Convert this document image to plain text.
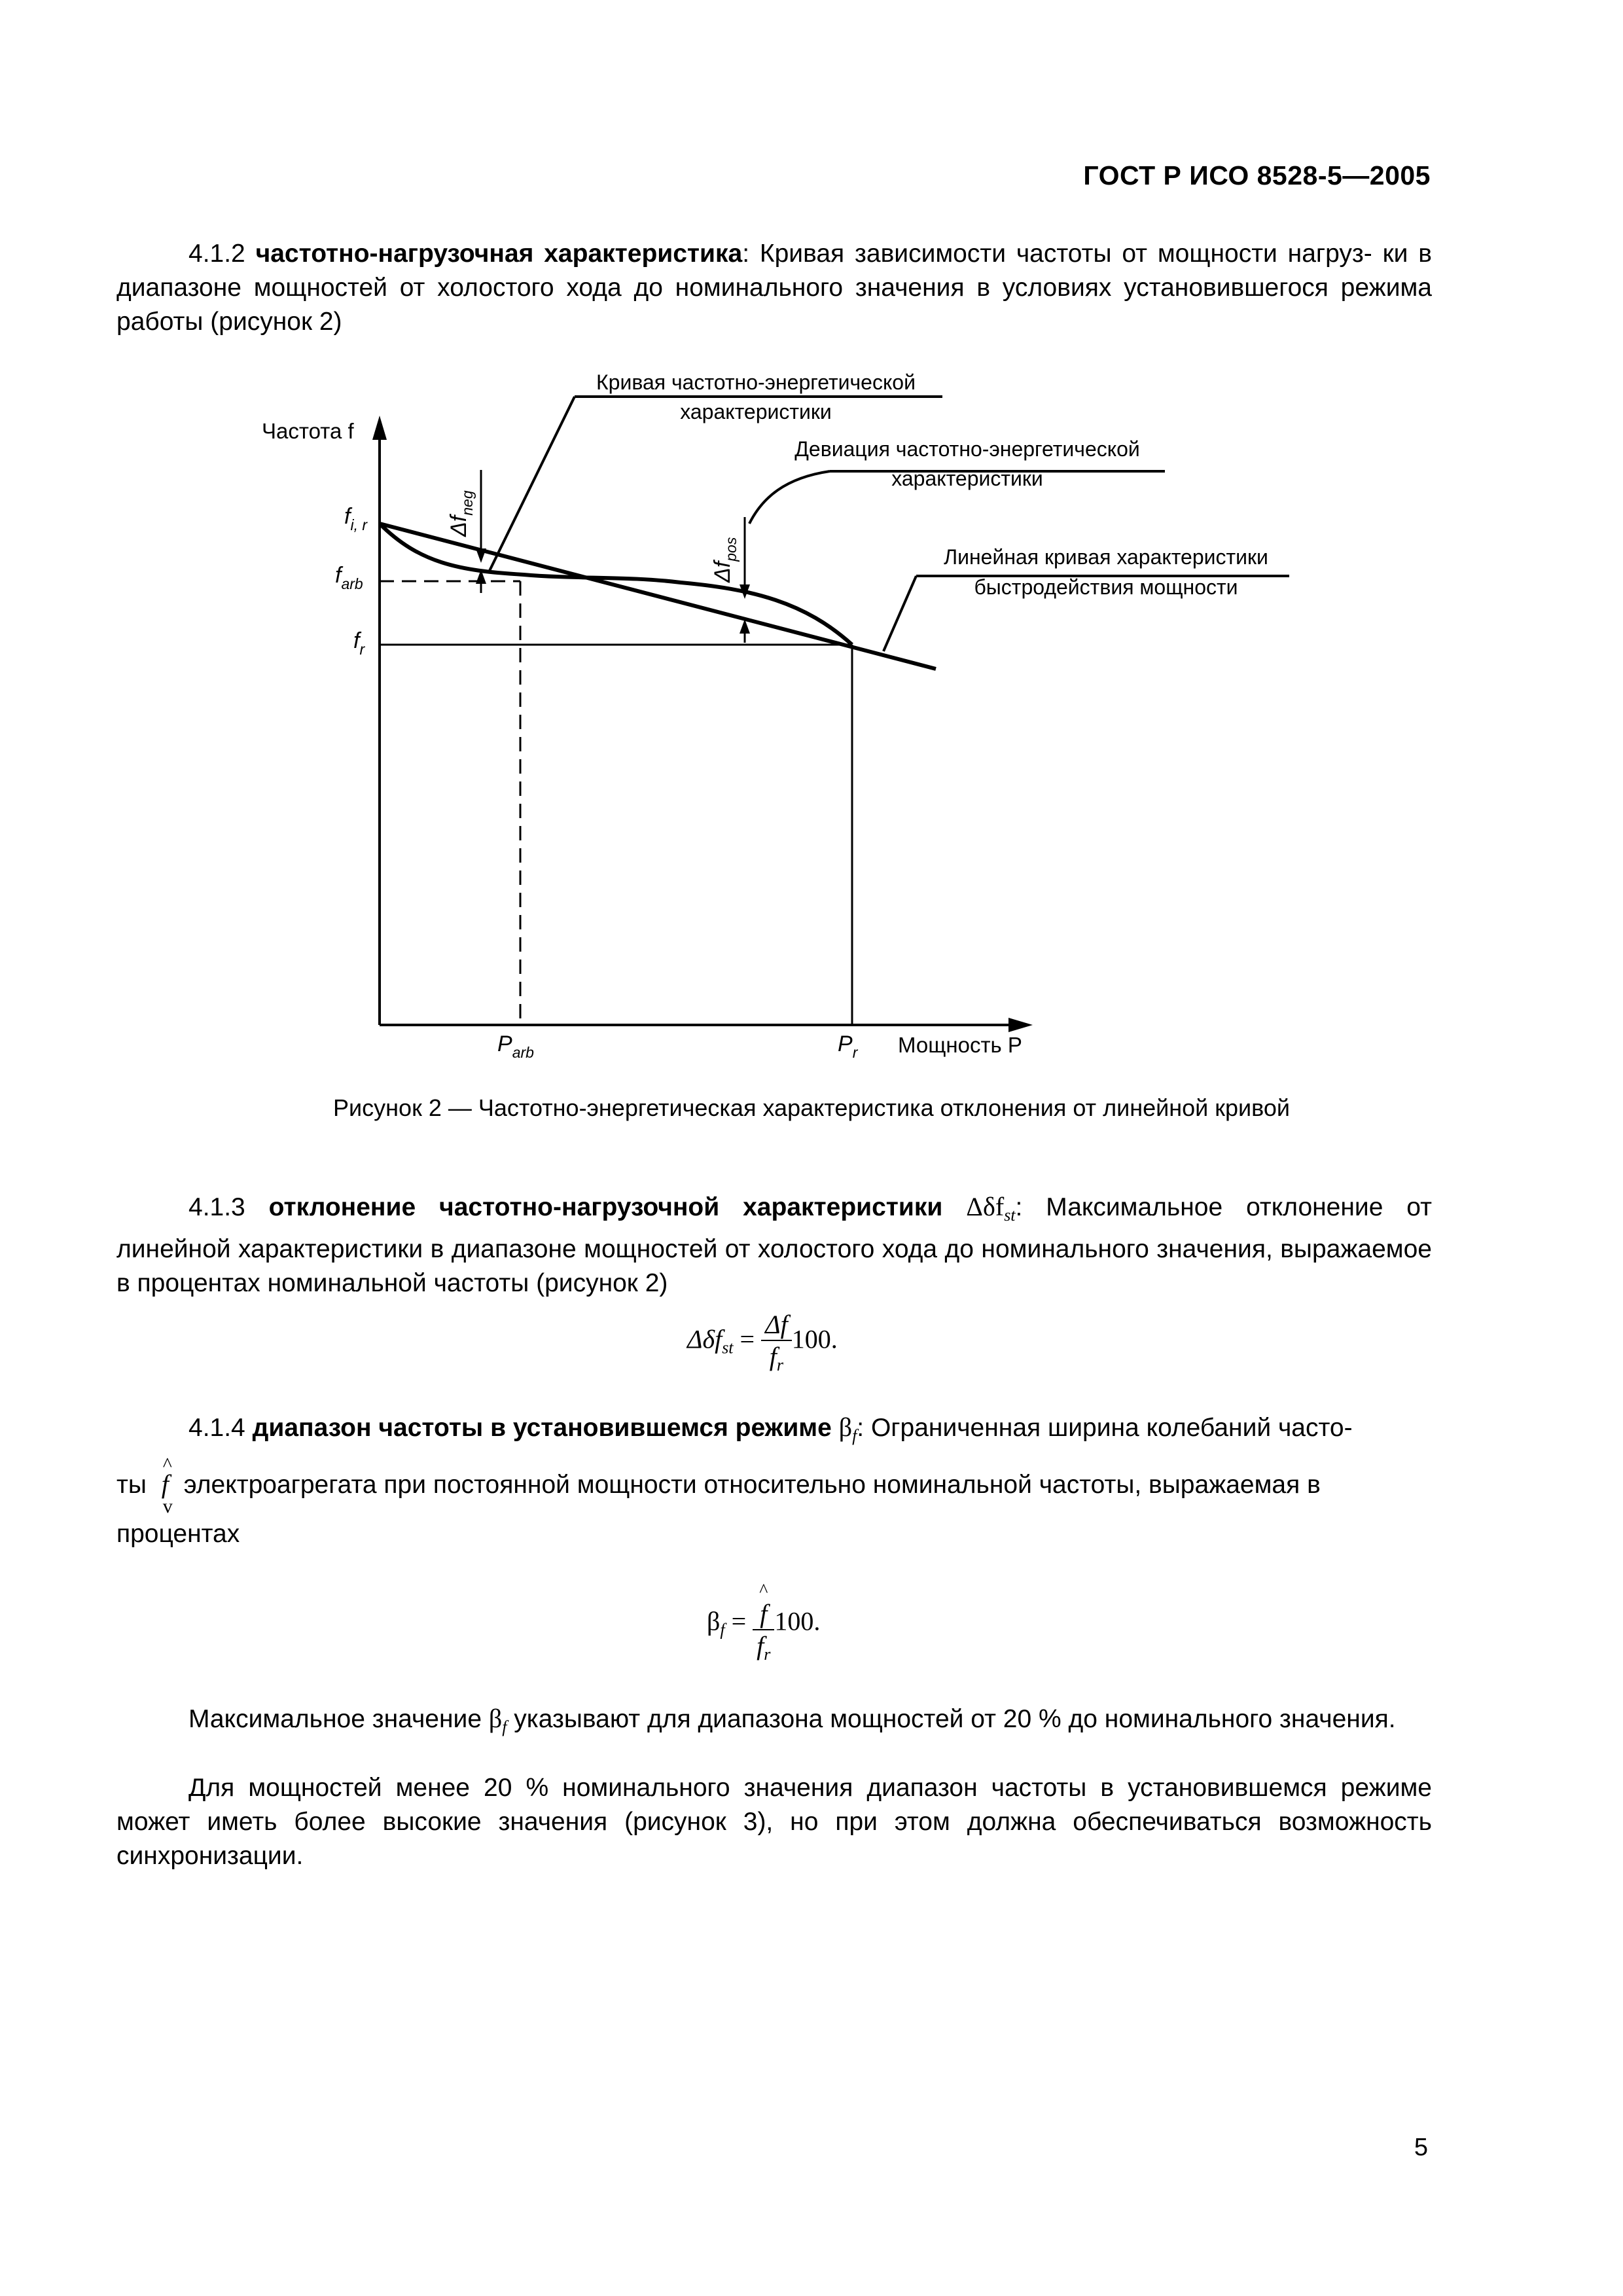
ГОСТ Р ИСО 8528-5—2005
4.1.2 частотно-нагрузочная характеристика: Кривая зависимости частоты от мощности нагруз- ки в диапазоне мощностей от холостого хода до номинального значения в условиях установившегося режима работы (рисунок 2)
Кривая частотно-энергетической
характеристики
Девиация частотно-энергетической
характеристики
Линейная кривая характеристики
быстродействия мощности
Частота f
Мощность P
$f_{i, r}$
$f_{arb}$
$f_r$
$P_{arb}$	$P_r$
$\Delta f_{neg}$
$\Delta f_{pos}$
Рисунок 2 — Частотно-энергетическая характеристика отклонения от линейной кривой
4.1.3 отклонение частотно-нагрузочной характеристики Δδf$_{st}$: Максимальное отклонение от линейной характеристики в диапазоне мощностей от холостого хода до номинального значения, выражаемое в процентах номинальной частоты (рисунок 2)
$\Delta\delta f_{st} = \frac{\Delta f}{f_r} 100$.
4.1.4 диапазон частоты в установившемся режиме $\beta_f$: Ограниченная ширина колебаний часто-
ты
^
f
v
электроагрегата при постоянной мощности относительно номинальной частоты, выражаемая в
процентах
$\beta_f$ =
^
f
$f_r$
100.
Максимальное значение $\beta_f$ указывают для диапазона мощностей от 20 % до номинального значения.
Для мощностей менее 20 % номинального значения диапазон частоты в установившемся режиме может иметь более высокие значения (рисунок 3), но при этом должна обеспечиваться возможность синхронизации.
5
